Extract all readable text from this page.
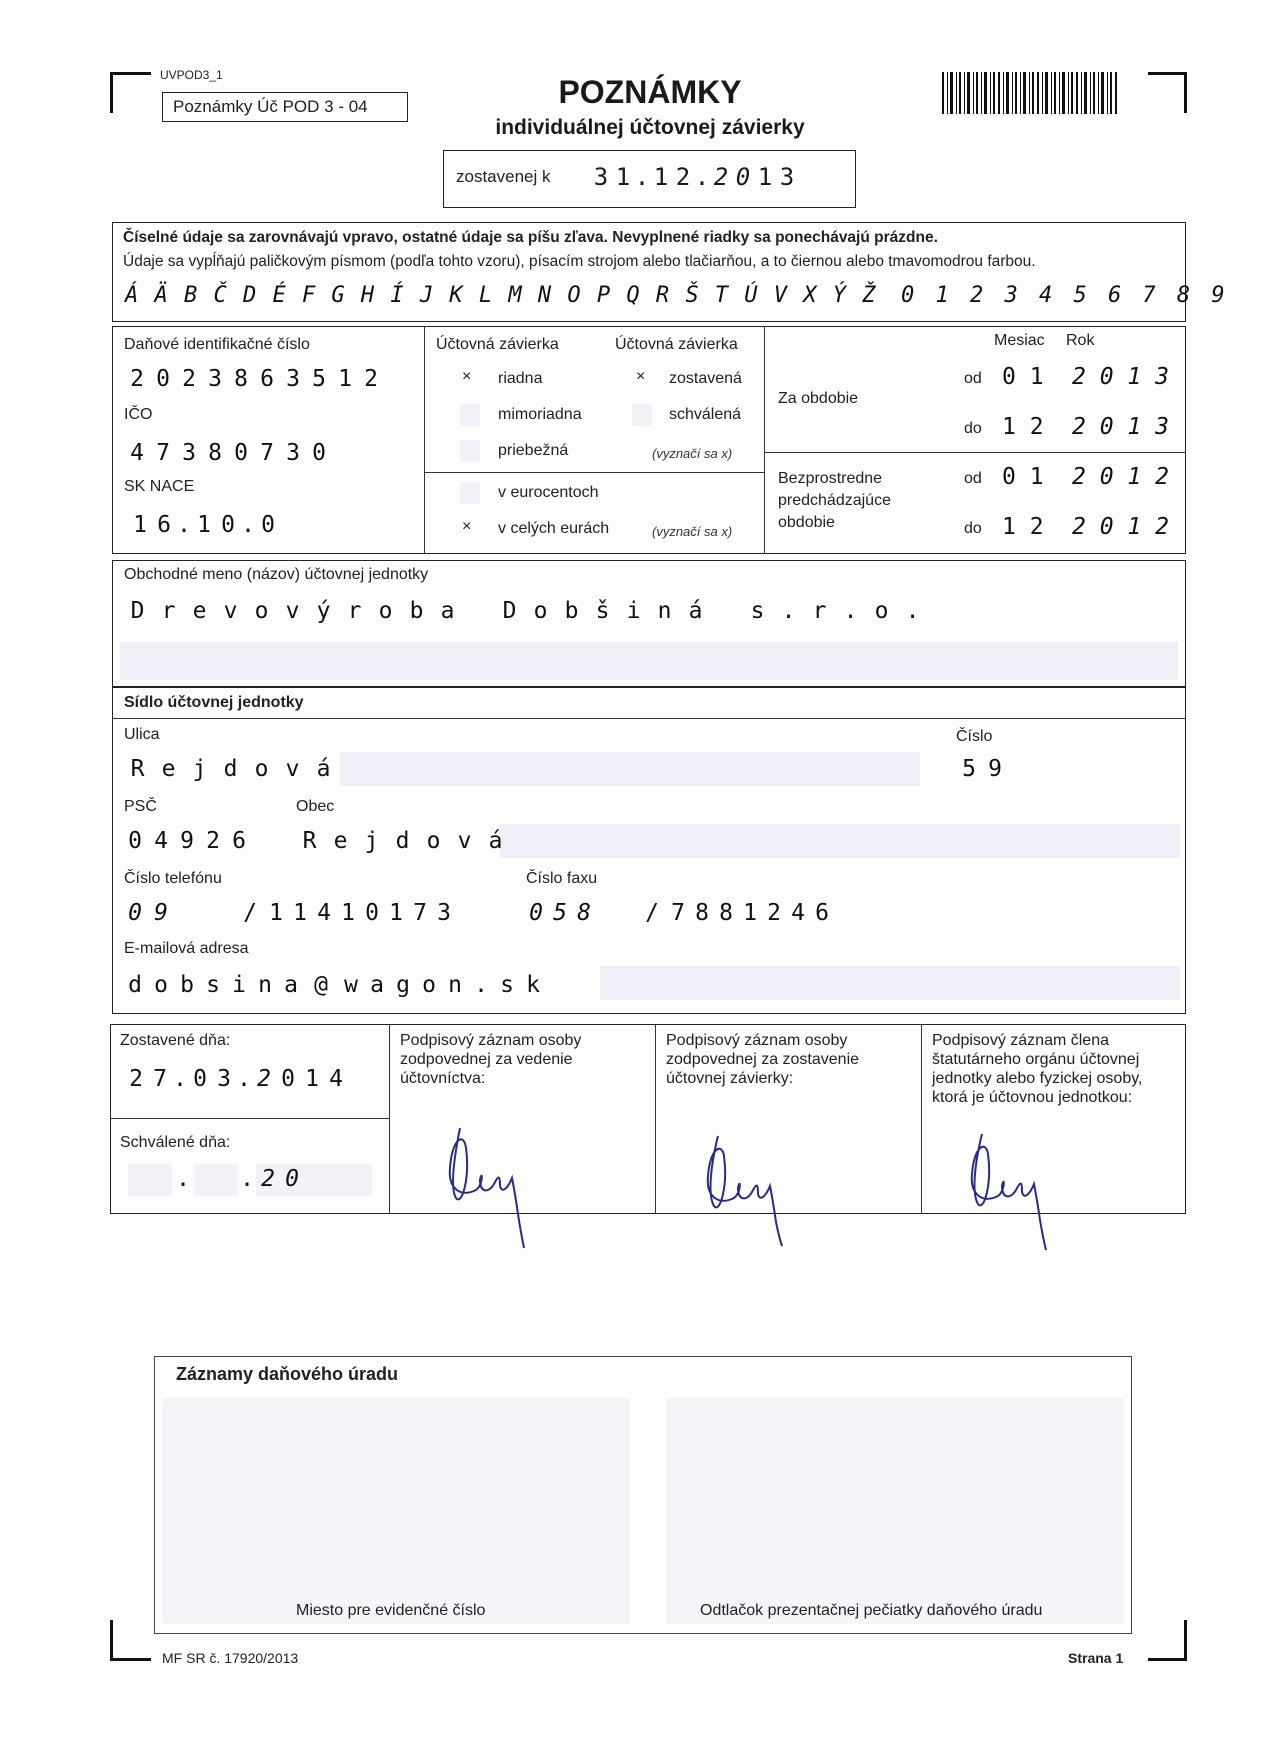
UVPOD3_1
Poznámky Úč POD 3 - 04	POZNÁMKY
individuálnej účtovnej závierky
zostavenej k 3 1 . 1 2 . 2 0 1 3
Číselné údaje sa zarovnávajú vpravo, ostatné údaje sa píšu zľava. Nevyplnené riadky sa ponechávajú prázdne.
Údaje sa vypĺňajú paličkovým písmom (podľa tohto vzoru), písacím strojom alebo tlačiarňou, a to čiernou alebo tmavomodrou farbou.
Á Ä B Č D É F G H Í J K L M N O P Q R Š T Ú V X Ý Ž 0 1 2 3 4 5 6 7 8 9
Daňové identifikačné číslo
2 0 2 3 8 6 3 5 1 2
IČO
4 7 3 8 0 7 3 0
SK NACE
1 6 . 1 0 . 0
Účtovná závierka	Účtovná závierka
× riadna	× zostavená
mimoriadna	schválená
priebežná	(vyznačí sa x)
v eurocentoch
× v celých eurách	(vyznačí sa x)
Mesiac Rok
Za obdobie
od 0 1 2 0 1 3
do 1 2 2 0 1 3
Bezprostredne
predchádzajúce
obdobie
od 0 1 2 0 1 2
do 1 2 2 0 1 2
Obchodné meno (názov) účtovnej jednotky
D r e v o v ý r o b a	D o b š i n á	s . r . o .
Sídlo účtovnej jednotky
Ulica
R e j d o v á
Číslo
5 9
PSČ
0 4 9 2 6
Obec
R e j d o v á
Číslo telefónu
0 9	/ 1 1 4 1 0 1 7 3
Číslo faxu
0 5 8	/ 7 8 8 1 2 4 6
E-mailová adresa
d o b s i n a @ w a g o n . s k
Zostavené dňa:
2 7 . 0 3 . 2 0 1 4
Schválené dňa:
. . 2 0
Podpisový záznam osoby
zodpovednej za vedenie
účtovníctva:
Podpisový záznam osoby
zodpovednej za zostavenie
účtovnej závierky:
Podpisový záznam člena
štatutárneho orgánu účtovnej
jednotky alebo fyzickej osoby,
ktorá je účtovnou jednotkou:
Záznamy daňového úradu
Miesto pre evidenčné číslo	Odtlačok prezentačnej pečiatky daňového úradu
MF SR č. 17920/2013	Strana 1
